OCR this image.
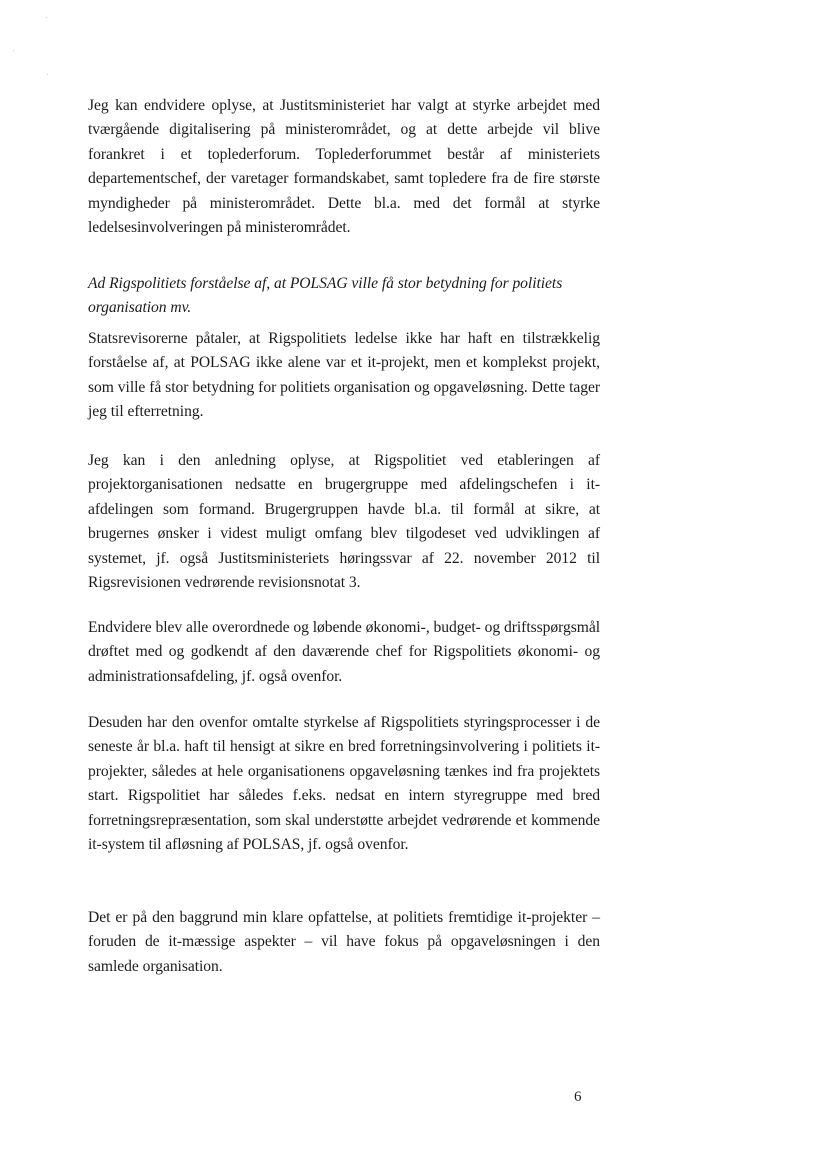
Jeg kan endvidere oplyse, at Justitsministeriet har valgt at styrke arbejdet med tværgående digitalisering på ministerområdet, og at dette arbejde vil blive forankret i et toplederforum. Toplederforummet består af ministeriets departementschef, der varetager formandskabet, samt topledere fra de fire største myndigheder på ministerområdet. Dette bl.a. med det formål at styrke ledelsesinvolveringen på ministerområdet.

Ad Rigspolitiets forståelse af, at POLSAG ville få stor betydning for politiets organisation mv.

Statsrevisorerne påtaler, at Rigspolitiets ledelse ikke har haft en tilstrækkelig forståelse af, at POLSAG ikke alene var et it-projekt, men et komplekst projekt, som ville få stor betydning for politiets organisation og opgaveløsning. Dette tager jeg til efterretning.

Jeg kan i den anledning oplyse, at Rigspolitiet ved etableringen af projektorganisationen nedsatte en brugergruppe med afdelingschefen i it-afdelingen som formand. Brugergruppen havde bl.a. til formål at sikre, at brugernes ønsker i videst muligt omfang blev tilgodeset ved udviklingen af systemet, jf. også Justitsministeriets høringssvar af 22. november 2012 til Rigsrevisionen vedrørende revisionsnotat 3.

Endvidere blev alle overordnede og løbende økonomi-, budget- og driftsspørgsmål drøftet med og godkendt af den daværende chef for Rigspolitiets økonomi- og administrationsafdeling, jf. også ovenfor.

Desuden har den ovenfor omtalte styrkelse af Rigspolitiets styringsprocesser i de seneste år bl.a. haft til hensigt at sikre en bred forretningsinvolvering i politiets it-projekter, således at hele organisationens opgaveløsning tænkes ind fra projektets start. Rigspolitiet har således f.eks. nedsat en intern styregruppe med bred forretningsrepræsentation, som skal understøtte arbejdet vedrørende et kommende it-system til afløsning af POLSAS, jf. også ovenfor.

Det er på den baggrund min klare opfattelse, at politiets fremtidige it-projekter – foruden de it-mæssige aspekter – vil have fokus på opgaveløsningen i den samlede organisation.

6
